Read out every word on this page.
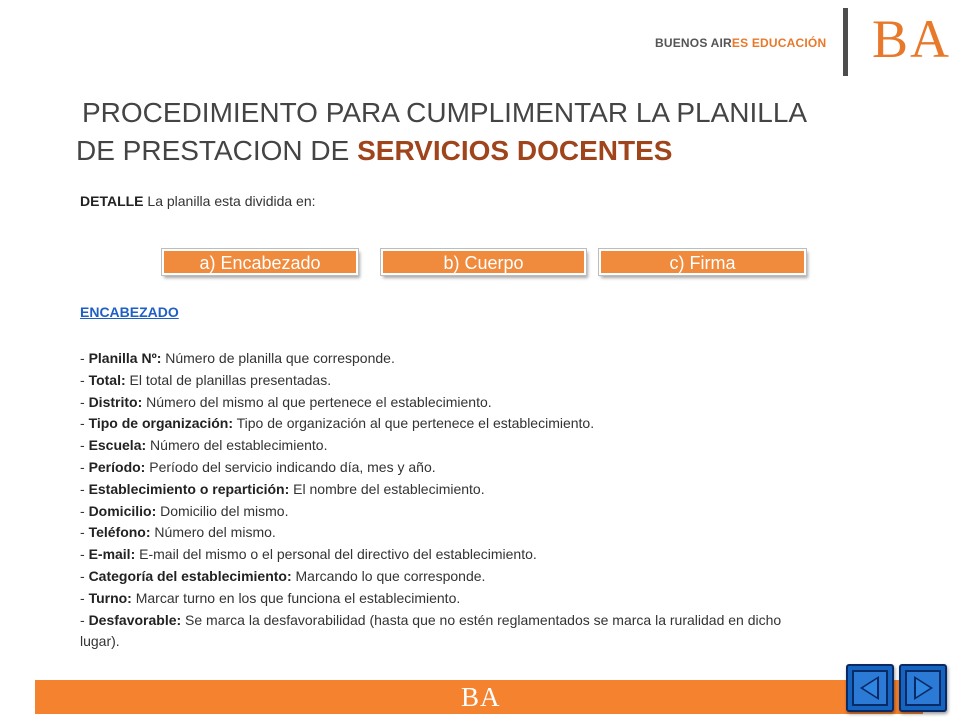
BUENOS AIRES EDUCACIÓN BA
PROCEDIMIENTO PARA CUMPLIMENTAR LA PLANILLA
DE PRESTACION DE SERVICIOS DOCENTES
DETALLE La planilla esta dividida en:
a) Encabezado	b) Cuerpo	c) Firma
ENCABEZADO
- Planilla Nº: Número de planilla que corresponde.
- Total: El total de planillas presentadas.
- Distrito: Número del mismo al que pertenece el establecimiento.
- Tipo de organización: Tipo de organización al que pertenece el establecimiento.
- Escuela: Número del establecimiento.
- Período: Período del servicio indicando día, mes y año.
- Establecimiento o repartición: El nombre del establecimiento.
- Domicilio: Domicilio del mismo.
- Teléfono: Número del mismo.
- E-mail: E-mail del mismo o el personal del directivo del establecimiento.
- Categoría del establecimiento: Marcando lo que corresponde.
- Turno: Marcar turno en los que funciona el establecimiento.
- Desfavorable: Se marca la desfavorabilidad (hasta que no estén reglamentados se marca la ruralidad en dicho lugar).
BA
